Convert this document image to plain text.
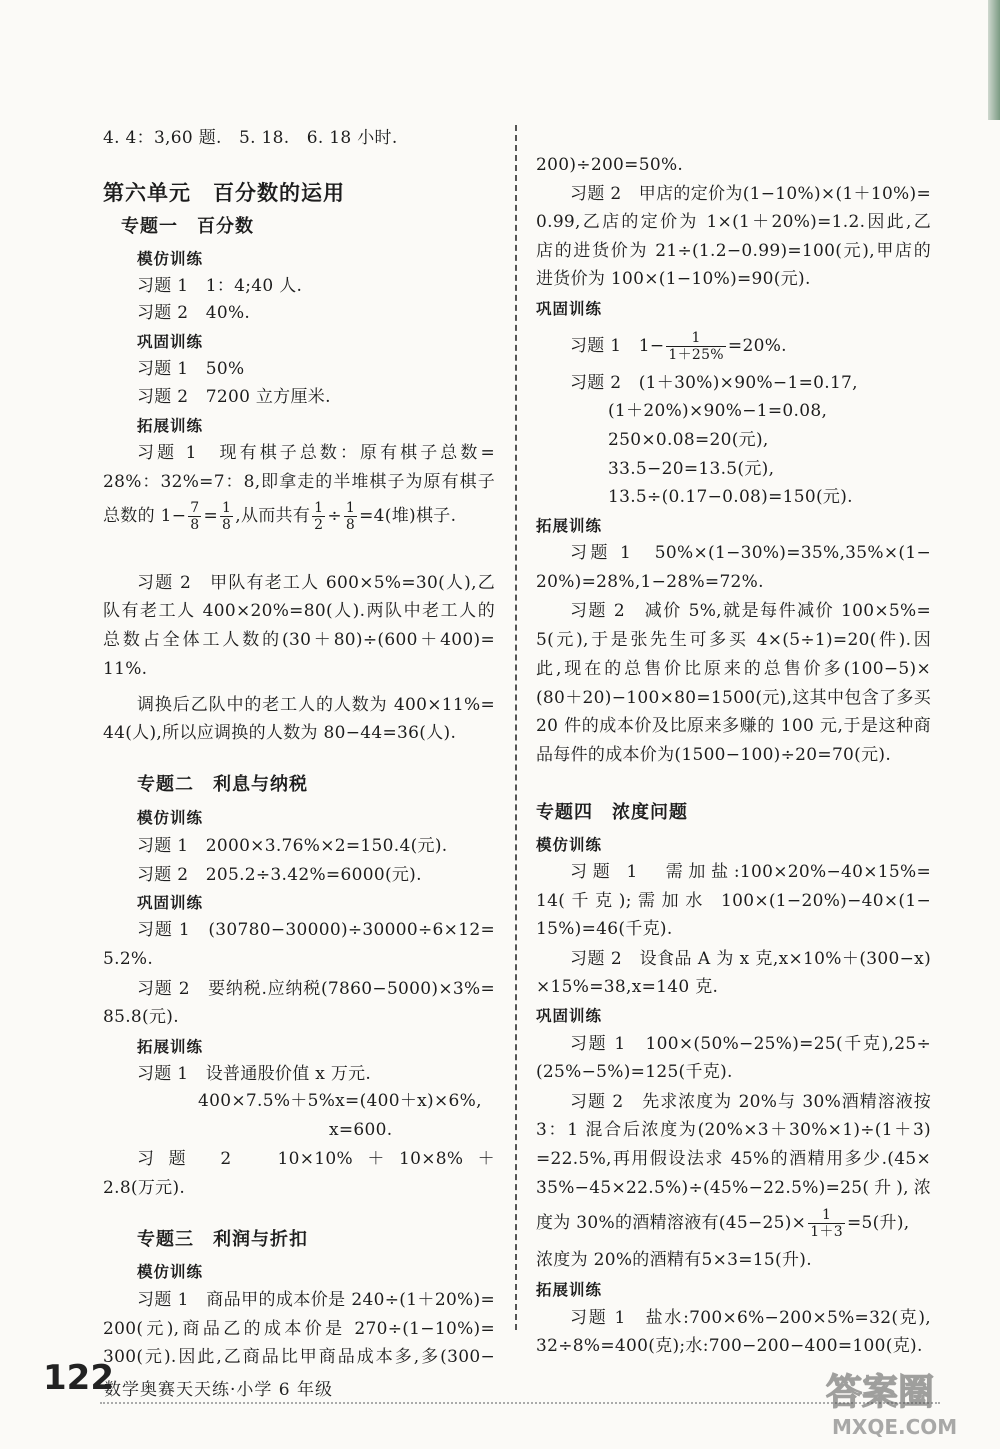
4. 4：3,60 题.　5. 18.　6. 18 小时.
第六单元　百分数的运用
专题一　百分数
模仿训练
习题 1　1：4;40 人.
习题 2　40%.
巩固训练
习题 1　50%
习题 2　7200 立方厘米.
拓展训练
习题 1　现有棋子总数：原有棋子总数=
28%：32%=7：8,即拿走的半堆棋子为原有棋子
总数的 $1- \frac{7}{8} = \frac{1}{8}$ ,从而共有 $\frac{1}{2} \div \frac{1}{8} =4$(堆)棋子.
习题 2　甲队有老工人 600×5%=30(人),乙
队有老工人 400×20%=80(人).两队中老工人的
总数占全体工人数的(30＋80)÷(600＋400)=
11%.
调换后乙队中的老工人的人数为 400×11%=
44(人),所以应调换的人数为 80−44=36(人).
专题二　利息与纳税
模仿训练
习题 1　2000×3.76%×2=150.4(元).
习题 2　205.2÷3.42%=6000(元).
巩固训练
习题 1　(30780−30000)÷30000÷6×12=
5.2%.
习题 2　要纳税.应纳税(7860−5000)×3%=
85.8(元).
拓展训练
习题 1　设普通股价值 x 万元.
400×7.5%＋5%x=(400＋x)×6%,
x=600.
习题 2　10×10%＋10×8%＋
2.8(万元).
专题三　利润与折扣
模仿训练
习题 1　商品甲的成本价是 240÷(1＋20%)=
200(元),商品乙的成本价是 270÷(1−10%)=
300(元).因此,乙商品比甲商品成本多,多(300−
200)÷200=50%.
习题 2　甲店的定价为(1−10%)×(1＋10%)=
0.99,乙店的定价为 1×(1＋20%)=1.2.因此,乙
店的进货价为 21÷(1.2−0.99)=100(元),甲店的
进货价为 100×(1−10%)=90(元).
巩固训练
习题 1　$1- \frac{1}{1+25\%} =20\%$.
习题 2　(1＋30%)×90%−1=0.17,
(1＋20%)×90%−1=0.08,
250×0.08=20(元),
33.5−20=13.5(元),
13.5÷(0.17−0.08)=150(元).
拓展训练
习题 1　50%×(1−30%)=35%,35%×(1−
20%)=28%,1−28%=72%.
习题 2　减价 5%,就是每件减价 100×5%=
5(元),于是张先生可多买 4×(5÷1)=20(件).因
此,现在的总售价比原来的总售价多(100−5)×
(80＋20)−100×80=1500(元),这其中包含了多买
20 件的成本价及比原来多赚的 100 元,于是这种商
品每件的成本价为(1500−100)÷20=70(元).
专题四　浓度问题
模仿训练
习题 1　需加盐:100×20%−40×15%=
14(千克);需加水 100×(1−20%)−40×(1−
15%)=46(千克).
习题 2　设食品 A 为 x 克,x×10%＋(300−x)
×15%=38,x=140 克.
巩固训练
习题 1　100×(50%−25%)=25(千克),25÷
(25%−5%)=125(千克).
习题 2　先求浓度为 20%与 30%酒精溶液按
3：1 混合后浓度为(20%×3＋30%×1)÷(1＋3)
=22.5%,再用假设法求 45%的酒精用多少.(45×
35%−45×22.5%)÷(45%−22.5%)=25(升),浓
度为 30%的酒精溶液有$(45-25)\times \frac{1}{1+3} =5$(升),
浓度为 20%的酒精有5×3=15(升).
拓展训练
习题 1　盐水:700×6%−200×5%=32(克),
32÷8%=400(克);水:700−200−400=100(克).
122
数学奥赛天天练·小学 6 年级	答案圈
MXQE.COM
